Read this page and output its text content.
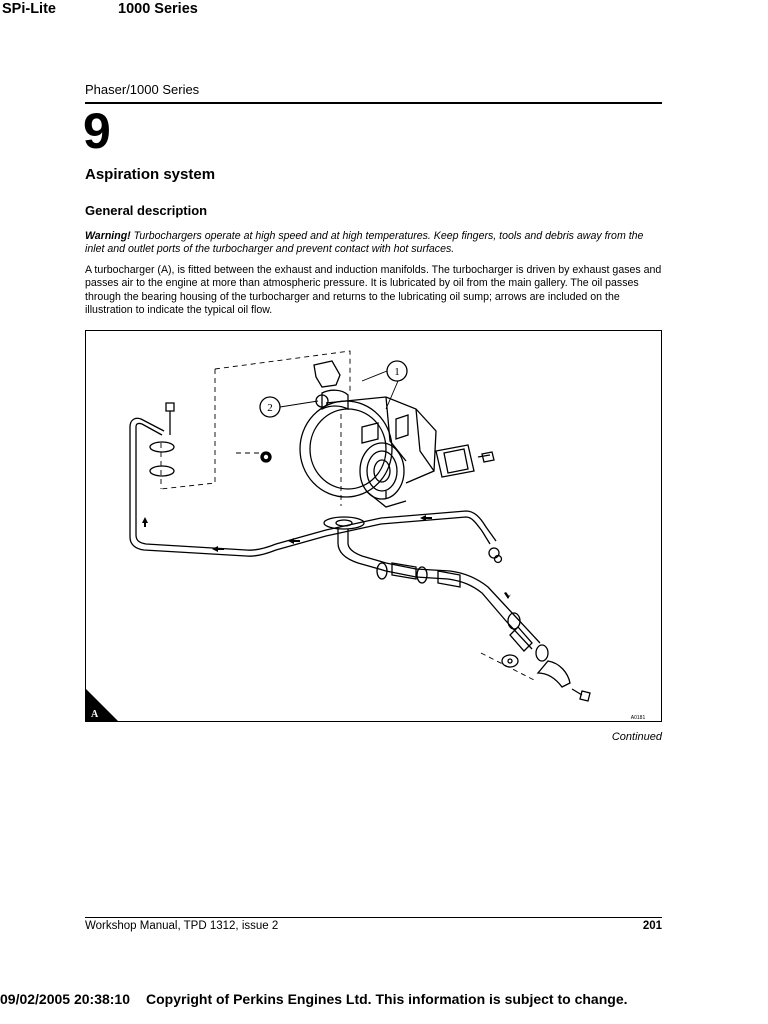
SPi-Lite	1000 Series
Phaser/1000 Series
9
Aspiration system
General description
Warning! Turbochargers operate at high speed and at high temperatures. Keep fingers, tools and debris away from the inlet and outlet ports of the turbocharger and prevent contact with hot surfaces.
A turbocharger (A), is fitted between the exhaust and induction manifolds. The turbocharger is driven by exhaust gases and passes air to the engine at more than atmospheric pressure. It is lubricated by oil from the main gallery. The oil passes through the bearing housing of the turbocharger and returns to the lubricating oil sump; arrows are included on the illustration to indicate the typical oil flow.
1
2
A	A0181
Continued
Workshop Manual, TPD 1312, issue 2	201
09/02/2005 20:38:10 Copyright of Perkins Engines Ltd. This information is subject to change.
